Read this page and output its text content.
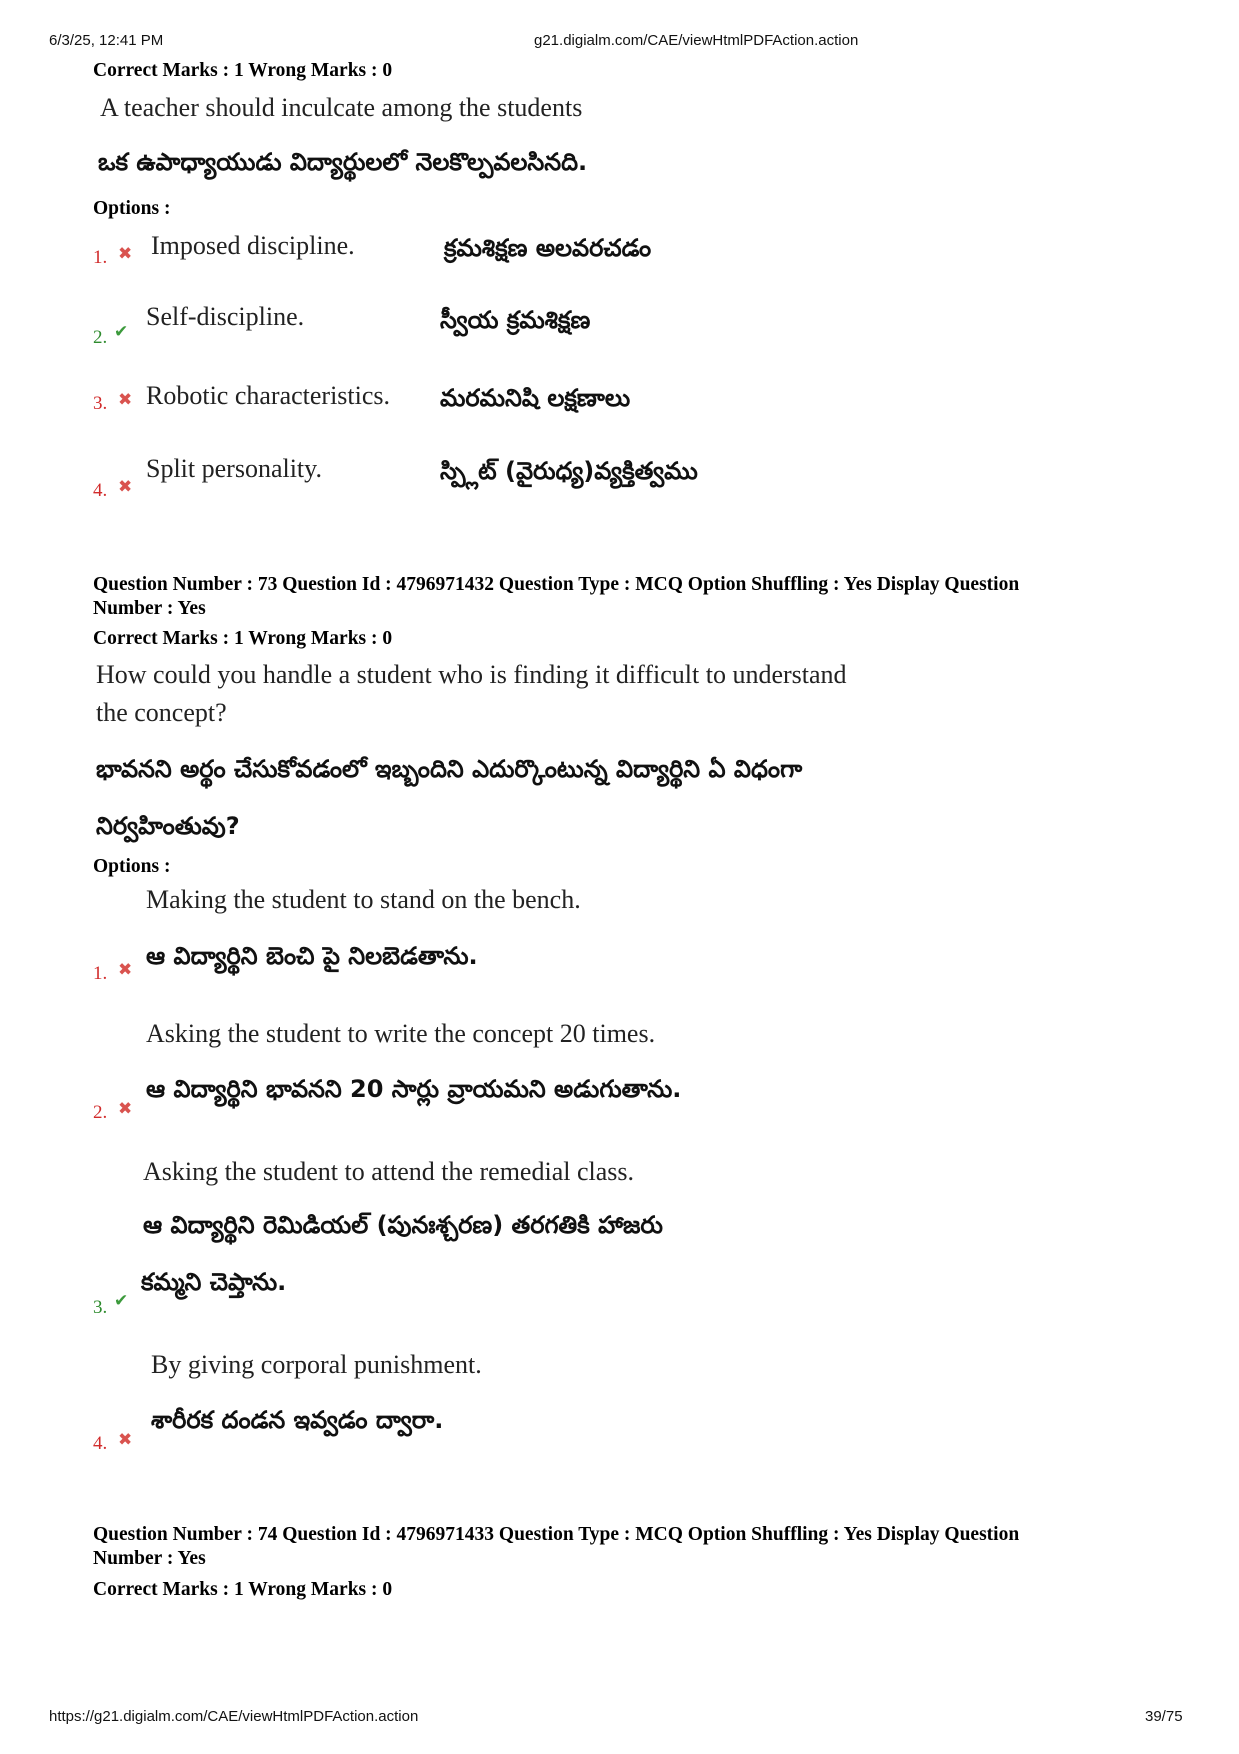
6/3/25, 12:41 PM	g21.digialm.com/CAE/viewHtmlPDFAction.action
Correct Marks : 1 Wrong Marks : 0
A teacher should inculcate among the students
ఒక ఉపాధ్యాయుడు విద్యార్థులలో నెలకొల్పవలసినది.
Options :
1. ✖ Imposed discipline.	క్రమశిక్షణ అలవరచడం
2. ✔
Self-discipline.	స్వీయ క్రమశిక్షణ
3. ✖ Robotic characteristics. మరమనిషి లక్షణాలు
4. ✖
Split personality.	స్ప్లిట్ (వైరుధ్య)వ్యక్తిత్వము
Question Number : 73 Question Id : 4796971432 Question Type : MCQ Option Shuffling : Yes Display Question
Number : Yes
Correct Marks : 1 Wrong Marks : 0
How could you handle a student who is finding it difficult to understand
the concept?
భావనని అర్థం చేసుకోవడంలో ఇబ్బందిని ఎదుర్కొంటున్న విద్యార్థిని ఏ విధంగా
నిర్వహింతువు?
Options :
Making the student to stand on the bench.
ఆ విద్యార్థిని బెంచి పై నిలబెడతాను.
1. ✖
Asking the student to write the concept 20 times.
ఆ విద్యార్థిని భావనని 20 సార్లు వ్రాయమని అడుగుతాను.
2. ✖
Asking the student to attend the remedial class.
ఆ విద్యార్థిని రెమిడియల్ (పునఃశ్చరణ) తరగతికి హాజరు
కమ్మని చెప్తాను.
3. ✔
By giving corporal punishment.
శారీరక దండన ఇవ్వడం ద్వారా.
4. ✖
Question Number : 74 Question Id : 4796971433 Question Type : MCQ Option Shuffling : Yes Display Question
Number : Yes
Correct Marks : 1 Wrong Marks : 0
https://g21.digialm.com/CAE/viewHtmlPDFAction.action	39/75
